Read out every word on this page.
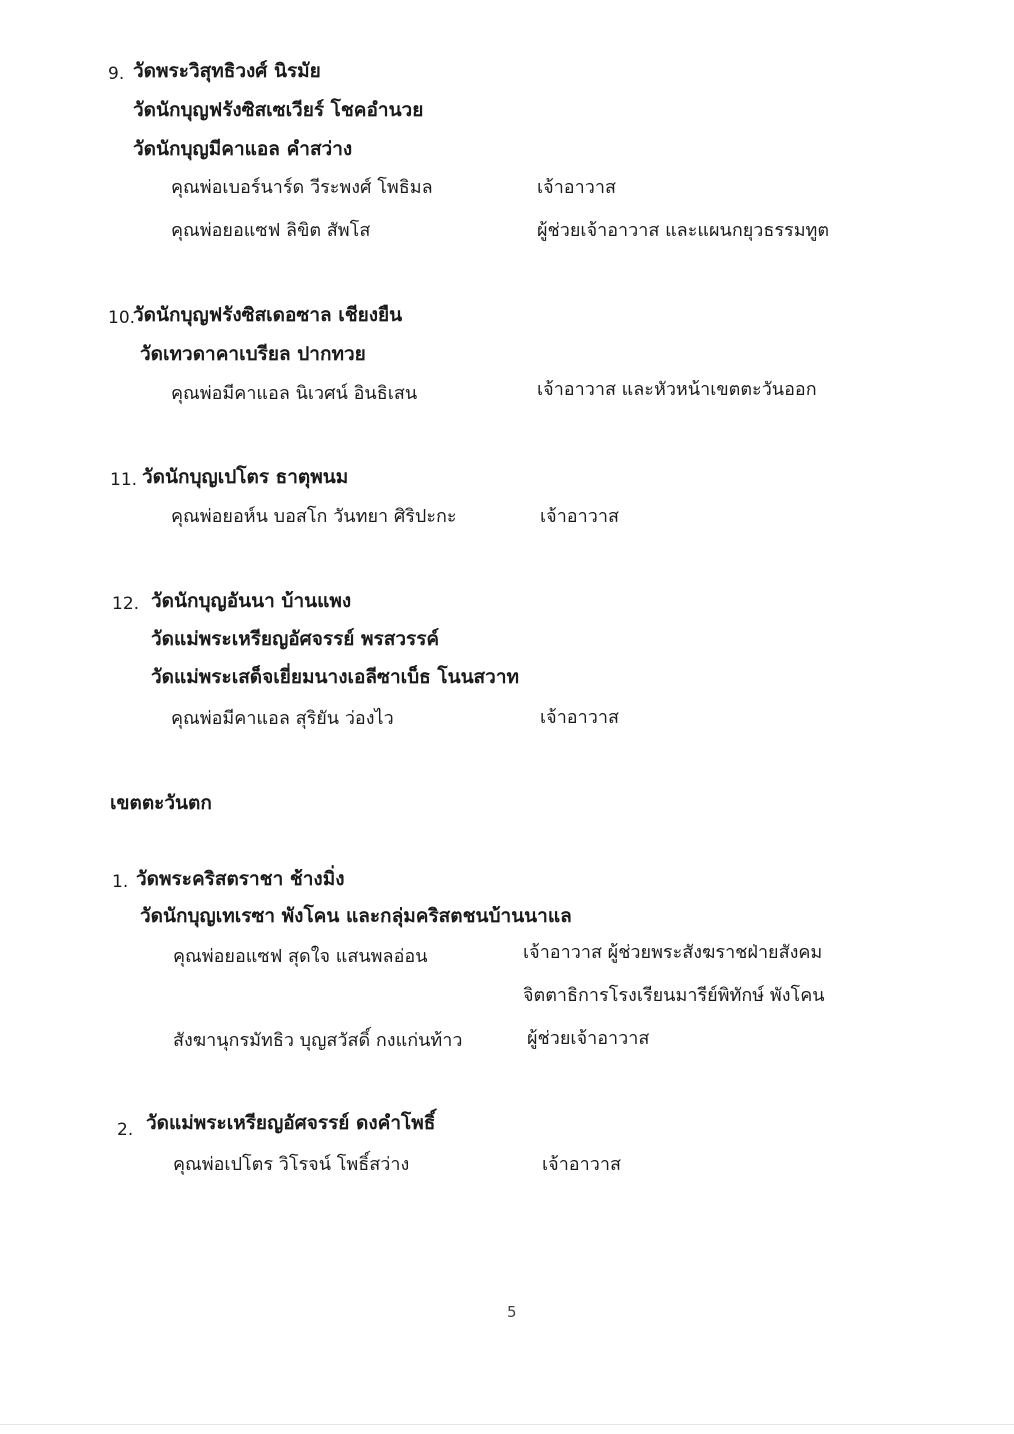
9. วัดพระวิสุทธิวงศ์ นิรมัย
วัดนักบุญฟรังซิสเซเวียร์ โชคอำนวย
วัดนักบุญมีคาแอล คำสว่าง
คุณพ่อเบอร์นาร์ด วีระพงศ์ โพธิมล	เจ้าอาวาส
คุณพ่อยอแซฟ ลิขิต สัพโส	ผู้ช่วยเจ้าอาวาส และแผนกยุวธรรมทูต
10.
วัดนักบุญฟรังซิสเดอซาล เชียงยืน
วัดเทวดาคาเบรียล ปากทวย
คุณพ่อมีคาแอล นิเวศน์ อินธิเสน	เจ้าอาวาส และหัวหน้าเขตตะวันออก
11. วัดนักบุญเปโตร ธาตุพนม
คุณพ่อยอห์น บอสโก วันทยา ศิริปะกะ	เจ้าอาวาส
12. วัดนักบุญอันนา บ้านแพง
วัดแม่พระเหรียญอัศจรรย์ พรสวรรค์
วัดแม่พระเสด็จเยี่ยมนางเอลีซาเบ็ธ โนนสวาท
คุณพ่อมีคาแอล สุริยัน ว่องไว	เจ้าอาวาส
เขตตะวันตก
1. วัดพระคริสตราชา ช้างมิ่ง
วัดนักบุญเทเรซา พังโคน และกลุ่มคริสตชนบ้านนาแล
คุณพ่อยอแซฟ สุดใจ แสนพลอ่อน	เจ้าอาวาส ผู้ช่วยพระสังฆราชฝ่ายสังคม
จิตตาธิการโรงเรียนมารีย์พิทักษ์ พังโคน
สังฆานุกรมัทธิว บุญสวัสดิ์ กงแก่นท้าว	ผู้ช่วยเจ้าอาวาส
2. วัดแม่พระเหรียญอัศจรรย์ ดงคำโพธิ์
คุณพ่อเปโตร วิโรจน์ โพธิ์สว่าง	เจ้าอาวาส
5
